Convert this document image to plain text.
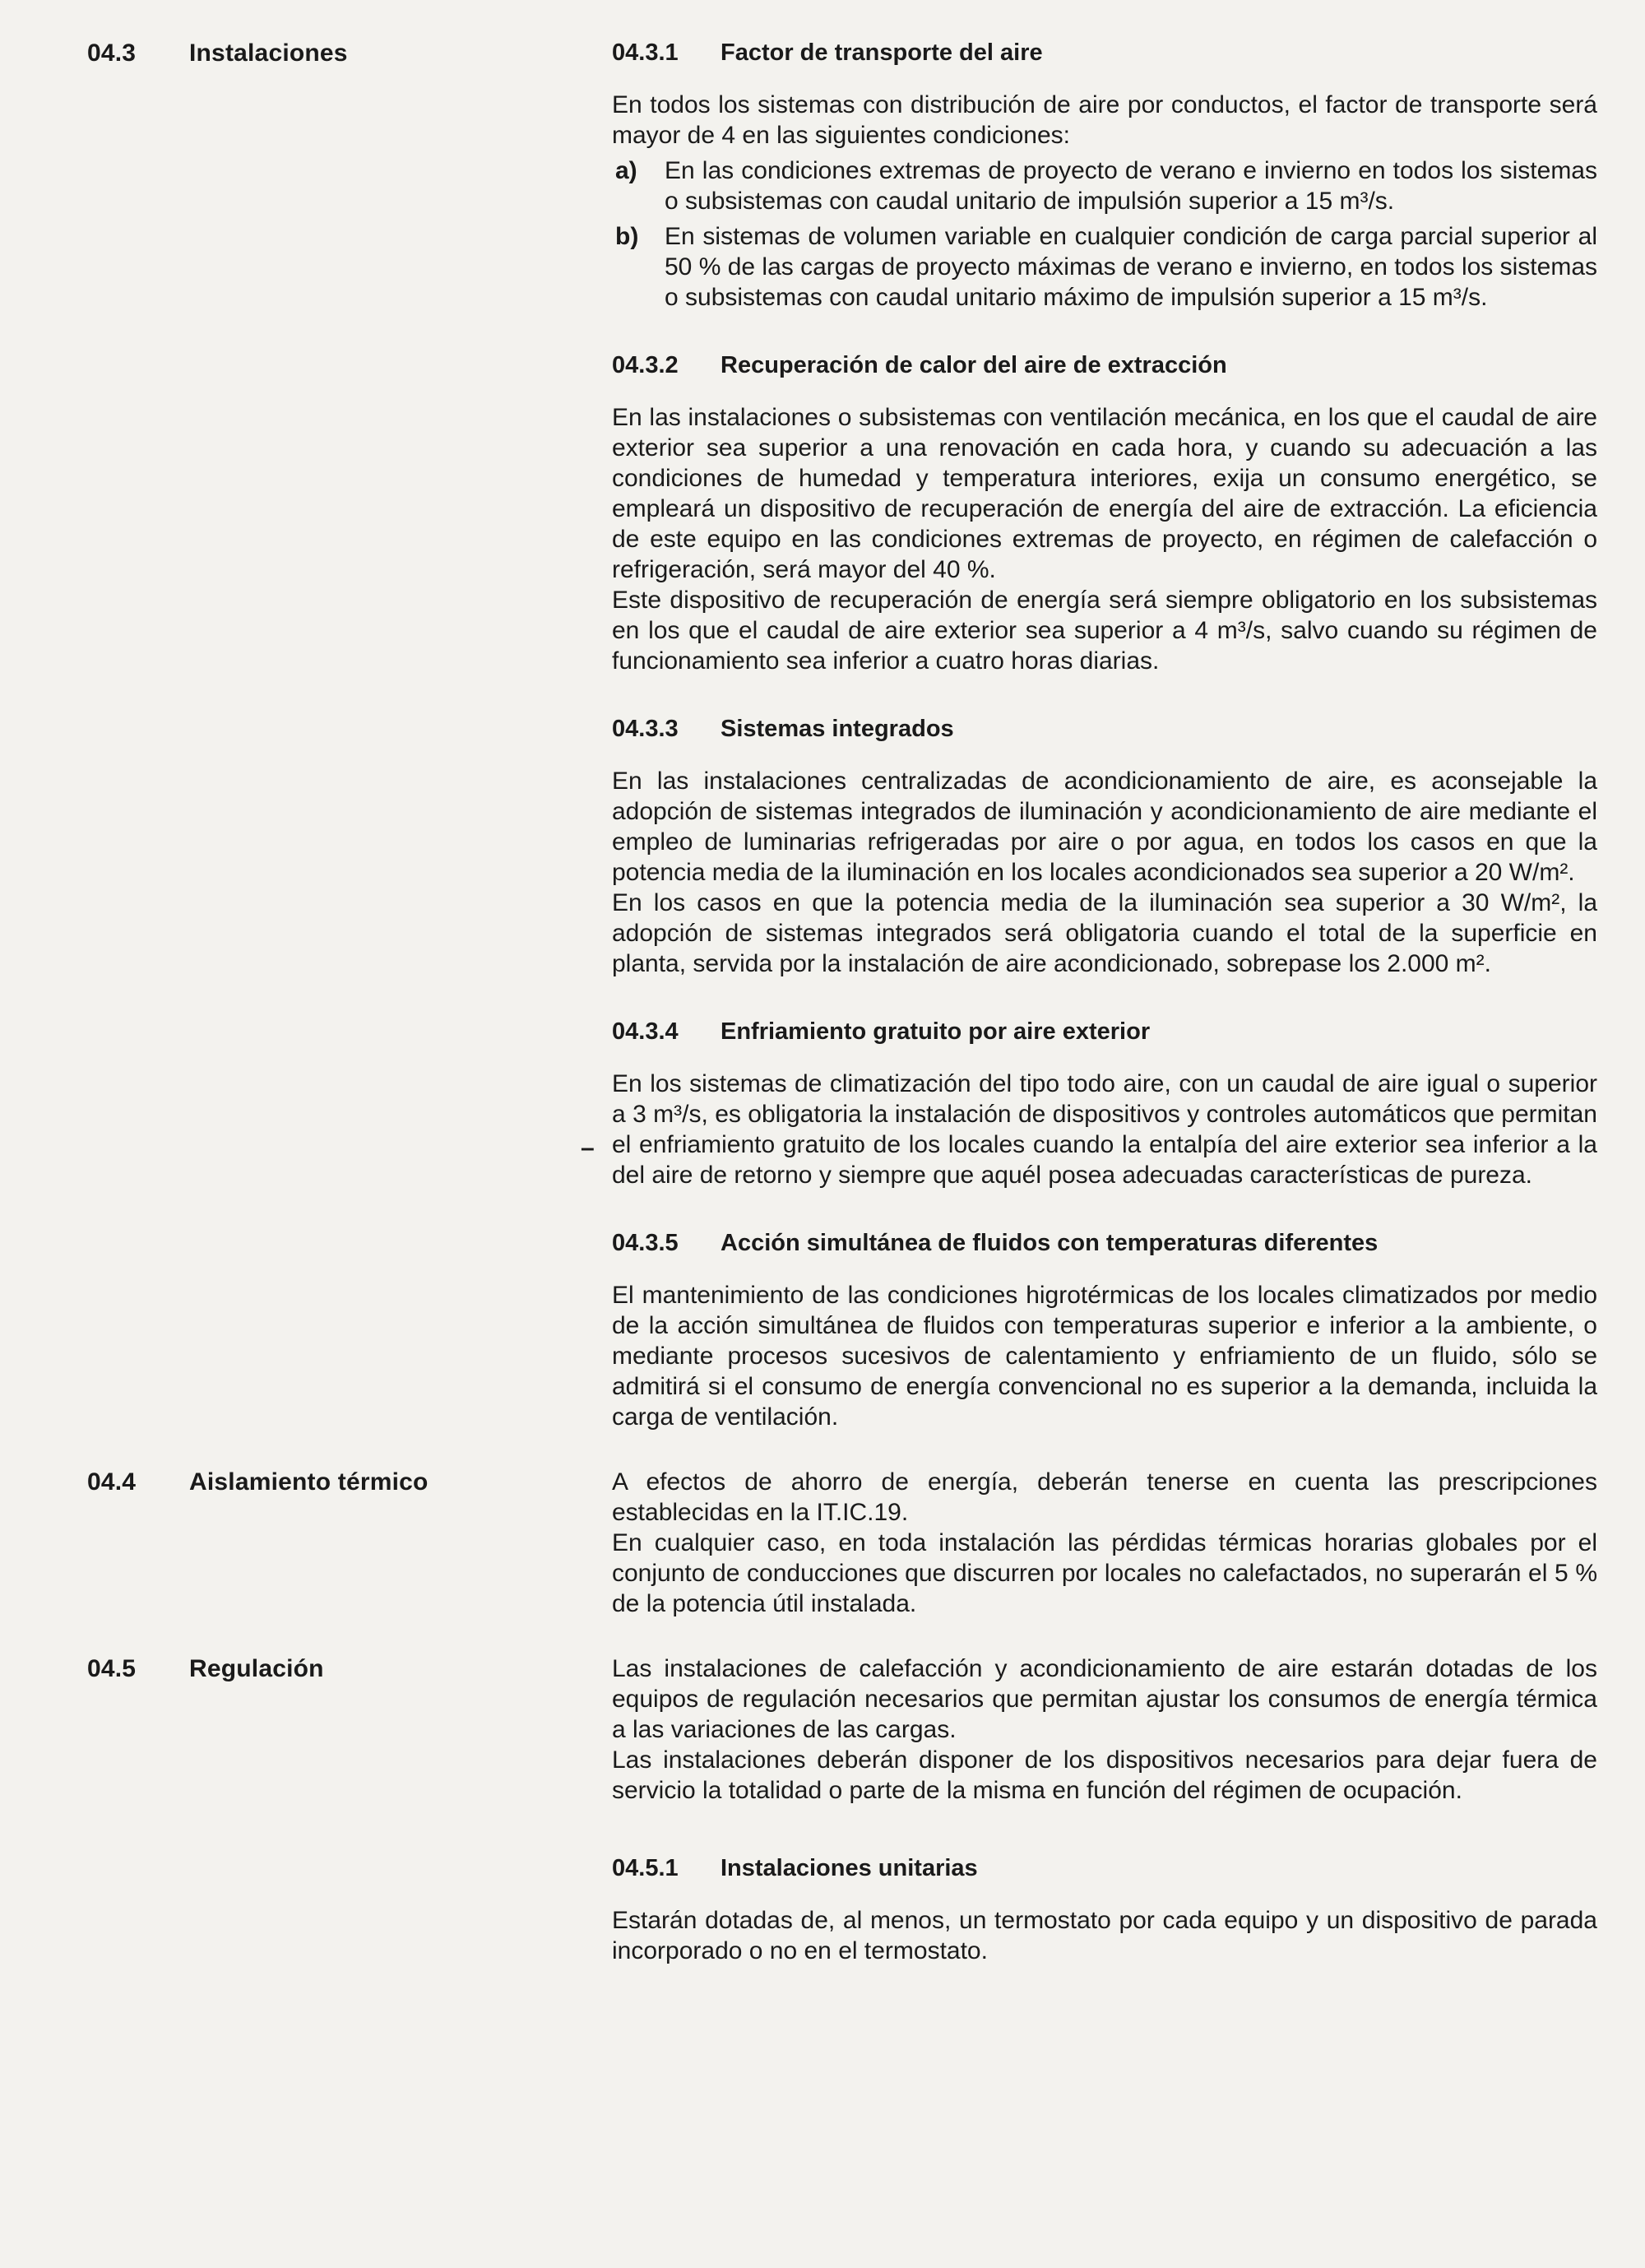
04.3	Instalaciones	04.3.1	Factor de transporte del aire

En todos los sistemas con distribución de aire por conductos, el factor de transporte será mayor de 4 en las siguientes condiciones:

a) En las condiciones extremas de proyecto de verano e invierno en todos los sistemas o subsistemas con caudal unitario de impulsión superior a 15 m³/s.
b) En sistemas de volumen variable en cualquier condición de carga parcial superior al 50 % de las cargas de proyecto máximas de verano e invierno, en todos los sistemas o subsistemas con caudal unitario máximo de impulsión superior a 15 m³/s.
04.3.2	Recuperación de calor del aire de extracción

En las instalaciones o subsistemas con ventilación mecánica, en los que el caudal de aire exterior sea superior a una renovación en cada hora, y cuando su adecuación a las condiciones de humedad y temperatura interiores, exija un consumo energético, se empleará un dispositivo de recuperación de energía del aire de extracción. La eficiencia de este equipo en las condiciones extremas de proyecto, en régimen de calefacción o refrigeración, será mayor del 40 %.

Este dispositivo de recuperación de energía será siempre obligatorio en los subsistemas en los que el caudal de aire exterior sea superior a 4 m³/s, salvo cuando su régimen de funcionamiento sea inferior a cuatro horas diarias.

04.3.3	Sistemas integrados

En las instalaciones centralizadas de acondicionamiento de aire, es aconsejable la adopción de sistemas integrados de iluminación y acondicionamiento de aire mediante el empleo de luminarias refrigeradas por aire o por agua, en todos los casos en que la potencia media de la iluminación en los locales acondicionados sea superior a 20 W/m².

En los casos en que la potencia media de la iluminación sea superior a 30 W/m², la adopción de sistemas integrados será obligatoria cuando el total de la superficie en planta, servida por la instalación de aire acondicionado, sobrepase los 2.000 m².

04.3.4	Enfriamiento gratuito por aire exterior
–

En los sistemas de climatización del tipo todo aire, con un caudal de aire igual o superior a 3 m³/s, es obligatoria la instalación de dispositivos y controles automáticos que permitan el enfriamiento gratuito de los locales cuando la entalpía del aire exterior sea inferior a la del aire de retorno y siempre que aquél posea adecuadas características de pureza.

04.3.5	Acción simultánea de fluidos con temperaturas diferentes

El mantenimiento de las condiciones higrotérmicas de los locales climatizados por medio de la acción simultánea de fluidos con temperaturas superior e inferior a la ambiente, o mediante procesos sucesivos de calentamiento y enfriamiento de un fluido, sólo se admitirá si el consumo de energía convencional no es superior a la demanda, incluida la carga de ventilación.

04.4	Aislamiento térmico	A efectos de ahorro de energía, deberán tenerse en cuenta las prescripciones establecidas en la IT.IC.19.

En cualquier caso, en toda instalación las pérdidas térmicas horarias globales por el conjunto de conducciones que discurren por locales no calefactados, no superarán el 5 % de la potencia útil instalada.

04.5	Regulación	Las instalaciones de calefacción y acondicionamiento de aire estarán dotadas de los equipos de regulación necesarios que permitan ajustar los consumos de energía térmica a las variaciones de las cargas.

Las instalaciones deberán disponer de los dispositivos necesarios para dejar fuera de servicio la totalidad o parte de la misma en función del régimen de ocupación.

04.5.1	Instalaciones unitarias

Estarán dotadas de, al menos, un termostato por cada equipo y un dispositivo de parada incorporado o no en el termostato.
